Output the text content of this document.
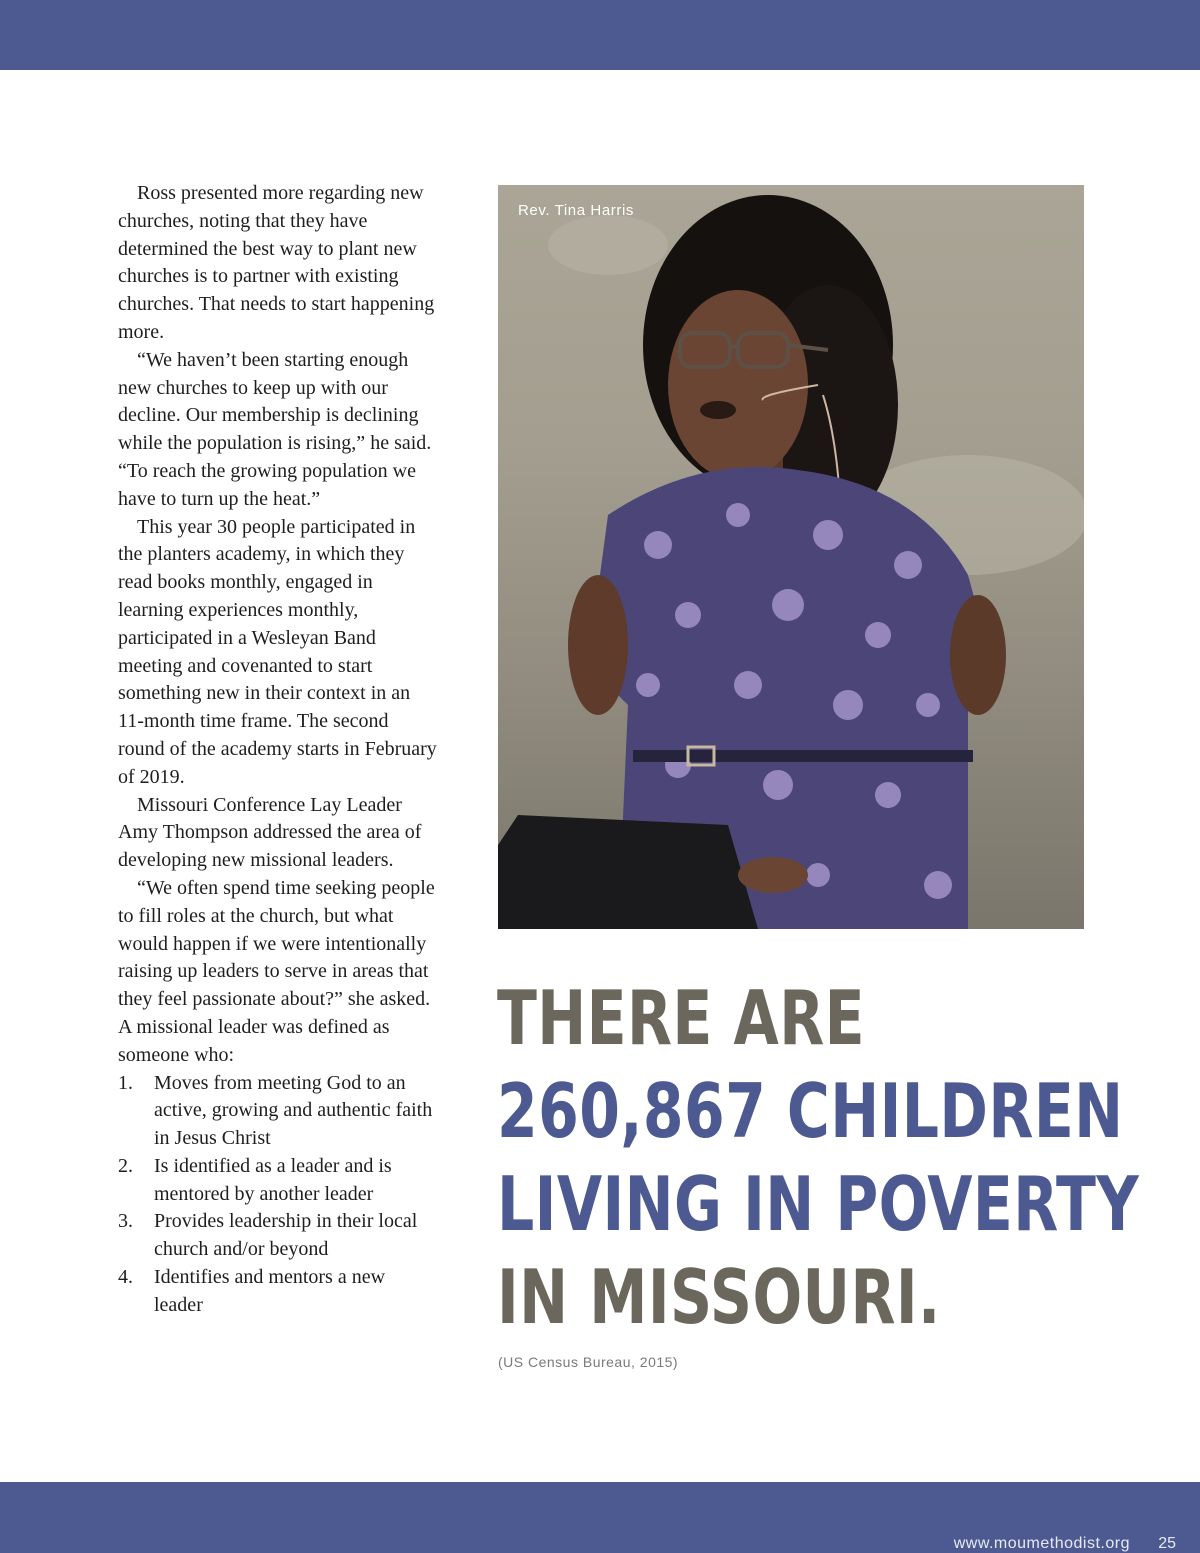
Ross presented more regarding new churches, noting that they have determined the best way to plant new churches is to partner with existing churches. That needs to start happening more.

“We haven’t been starting enough new churches to keep up with our decline. Our membership is declining while the population is rising,” he said. “To reach the growing population we have to turn up the heat.”

This year 30 people participated in the planters academy, in which they read books monthly, engaged in learning experiences monthly, participated in a Wesleyan Band meeting and covenanted to start something new in their context in an 11-month time frame. The second round of the academy starts in February of 2019.

Missouri Conference Lay Leader Amy Thompson addressed the area of developing new missional leaders.

“We often spend time seeking people to fill roles at the church, but what would happen if we were intentionally raising up leaders to serve in areas that they feel passionate about?” she asked. A missional leader was defined as someone who:

1. Moves from meeting God to an active, growing and authentic faith in Jesus Christ
2. Is identified as a leader and is mentored by another leader
3. Provides leadership in their local church and/or beyond
4. Identifies and mentors a new leader
Rev. Tina Harris
THERE ARE
260,867 CHILDREN
LIVING IN POVERTY
IN MISSOURI.
(US Census Bureau, 2015)
www.moumethodist.org 25
